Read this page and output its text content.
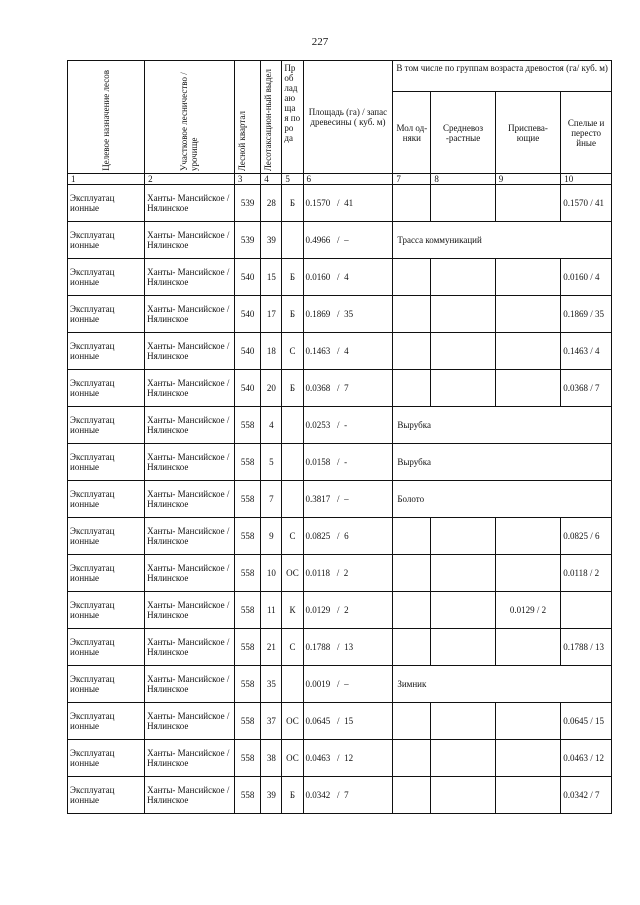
227
Целевое назначение лесов	Участковое лесничество / урочище	Лесной квартал	Лесотаксацион-ный выдел	Пр об лад аю щa я по ро да	Площадь (га) / запас древесины ( куб. м)	В том числе по группам возраста древостоя (га/ куб. м)			
						Мол од- няки	Средневоз -растные	Приспева- ющие	Спелые и пересто йные
1	2	3	4	5	6	7	8	9	10
Эксплуатац ионные	Ханты- Мансийское / Нялинское	539	28	Б	0.1570   /  41				0.1570 / 41
Эксплуатац ионные	Ханты- Мансийское / Нялинское	539	39		0.4966   /  –	Трасса коммуникаций			
Эксплуатац ионные	Ханты- Мансийское / Нялинское	540	15	Б	0.0160   /  4				0.0160 / 4
Эксплуатац ионные	Ханты- Мансийское / Нялинское	540	17	Б	0.1869   /  35				0.1869 / 35
Эксплуатац ионные	Ханты- Мансийское / Нялинское	540	18	С	0.1463   /  4				0.1463 / 4
Эксплуатац ионные	Ханты- Мансийское / Нялинское	540	20	Б	0.0368   /  7				0.0368 / 7
Эксплуатац ионные	Ханты- Мансийское / Нялинское	558	4		0.0253   /  -	Вырубка			
Эксплуатац ионные	Ханты- Мансийское / Нялинское	558	5		0.0158   /  -	Вырубка			
Эксплуатац ионные	Ханты- Мансийское / Нялинское	558	7		0.3817   /  –	Болото			
Эксплуатац ионные	Ханты- Мансийское / Нялинское	558	9	С	0.0825   /  6				0.0825 / 6
Эксплуатац ионные	Ханты- Мансийское / Нялинское	558	10	ОС	0.0118   /  2				0.0118 / 2
Эксплуатац ионные	Ханты- Мансийское / Нялинское	558	11	К	0.0129   /  2			0.0129 / 2	
Эксплуатац ионные	Ханты- Мансийское / Нялинское	558	21	С	0.1788   /  13				0.1788 / 13
Эксплуатац ионные	Ханты- Мансийское / Нялинское	558	35		0.0019   /  –	Зимник			
Эксплуатац ионные	Ханты- Мансийское / Нялинское	558	37	ОС	0.0645   /  15				0.0645 / 15
Эксплуатац ионные	Ханты- Мансийское / Нялинское	558	38	ОС	0.0463   /  12				0.0463 / 12
Эксплуатац ионные	Ханты- Мансийское / Нялинское	558	39	Б	0.0342   /  7				0.0342 / 7
